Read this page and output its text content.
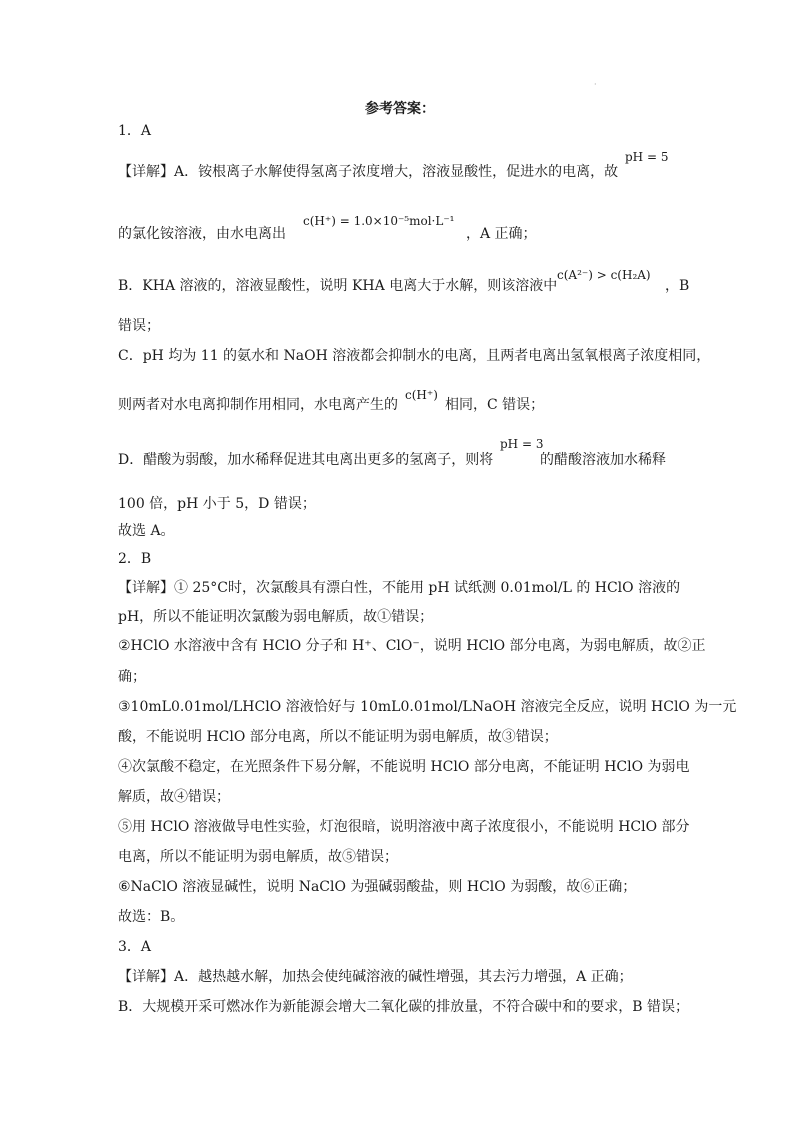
·
参考答案：
1．A
【详解】A．铵根离子水解使得氢离子浓度增大，溶液显酸性，促进水的电离，故
pH = 5
的氯化铵溶液，由水电离出
c(H⁺) = 1.0×10⁻⁵mol·L⁻¹
，A 正确；
B．KHA 溶液的，溶液显酸性，说明 KHA 电离大于水解，则该溶液中
c(A²⁻) > c(H₂A)
，B
错误；
C．pH 均为 11 的氨水和 NaOH 溶液都会抑制水的电离，且两者电离出氢氧根离子浓度相同，
则两者对水电离抑制作用相同，水电离产生的
c(H⁺)
相同，C 错误；
D．醋酸为弱酸，加水稀释促进其电离出更多的氢离子，则将
pH = 3
的醋酸溶液加水稀释
100 倍，pH 小于 5，D 错误；
故选 A。
2．B
【详解】① 25°C时，次氯酸具有漂白性，不能用 pH 试纸测 0.01mol/L 的 HClO 溶液的
pH，所以不能证明次氯酸为弱电解质，故①错误；
②HClO 水溶液中含有 HClO 分子和 H⁺、ClO⁻，说明 HClO 部分电离，为弱电解质，故②正
确；
③10mL0.01mol/LHClO 溶液恰好与 10mL0.01mol/LNaOH 溶液完全反应，说明 HClO 为一元
酸，不能说明 HClO 部分电离，所以不能证明为弱电解质，故③错误；
④次氯酸不稳定，在光照条件下易分解，不能说明 HClO 部分电离，不能证明 HClO 为弱电
解质，故④错误；
⑤用 HClO 溶液做导电性实验，灯泡很暗，说明溶液中离子浓度很小，不能说明 HClO 部分
电离，所以不能证明为弱电解质，故⑤错误；
⑥NaClO 溶液显碱性，说明 NaClO 为强碱弱酸盐，则 HClO 为弱酸，故⑥正确；
故选：B。
3．A
【详解】A．越热越水解，加热会使纯碱溶液的碱性增强，其去污力增强，A 正确；
B．大规模开采可燃冰作为新能源会增大二氧化碳的排放量，不符合碳中和的要求，B 错误；
